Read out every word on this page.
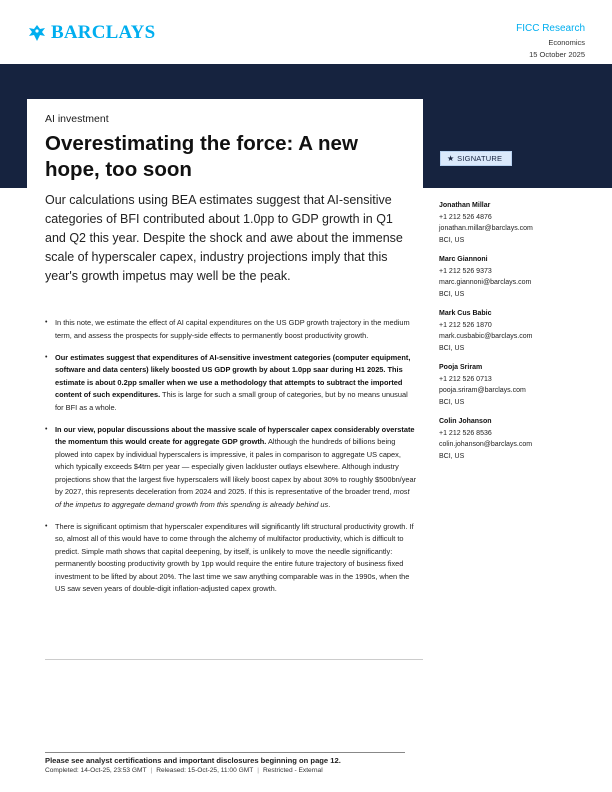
BARCLAYS	FICC Research
Economics
15 October 2025
AI investment
Overestimating the force: A new hope, too soon
Our calculations using BEA estimates suggest that AI-sensitive categories of BFI contributed about 1.0pp to GDP growth in Q1 and Q2 this year. Despite the shock and awe about the immense scale of hyperscaler capex, industry projections imply that this year's growth impetus may well be the peak.
• In this note, we estimate the effect of AI capital expenditures on the US GDP growth trajectory in the medium term, and assess the prospects for supply-side effects to permanently boost productivity growth.
• Our estimates suggest that expenditures of AI-sensitive investment categories (computer equipment, software and data centers) likely boosted US GDP growth by about 1.0pp saar during H1 2025. This estimate is about 0.2pp smaller when we use a methodology that attempts to subtract the imported content of such expenditures. This is large for such a small group of categories, but by no means unusual for BFI as a whole.
• In our view, popular discussions about the massive scale of hyperscaler capex considerably overstate the momentum this would create for aggregate GDP growth. Although the hundreds of billions being plowed into capex by individual hyperscalers is impressive, it pales in comparison to aggregate US capex, which typically exceeds $4trn per year — especially given lackluster outlays elsewhere. Although industry projections show that the largest five hyperscalers will likely boost capex by about 30% to roughly $500bn/year by 2027, this represents deceleration from 2024 and 2025. If this is representative of the broader trend, most of the impetus to aggregate demand growth from this spending is already behind us.
• There is significant optimism that hyperscaler expenditures will significantly lift structural productivity growth. If so, almost all of this would have to come through the alchemy of multifactor productivity, which is difficult to predict. Simple math shows that capital deepening, by itself, is unlikely to move the needle significantly: permanently boosting productivity growth by 1pp would require the entire future trajectory of business fixed investment to be lifted by about 20%. The last time we saw anything comparable was in the 1990s, when the US saw seven years of double-digit inflation-adjusted capex growth.
★ SIGNATURE
Jonathan Millar
+1 212 526 4876
jonathan.millar@barclays.com
BCI, US
Marc Giannoni
+1 212 526 9373
marc.giannoni@barclays.com
BCI, US
Mark Cus Babic
+1 212 526 1870
mark.cusbabic@barclays.com
BCI, US
Pooja Sriram
+1 212 526 0713
pooja.sriram@barclays.com
BCI, US
Colin Johanson
+1 212 526 8536
colin.johanson@barclays.com
BCI, US
Please see analyst certifications and important disclosures beginning on page 12.
Completed: 14-Oct-25, 23:53 GMT | Released: 15-Oct-25, 11:00 GMT | Restricted - External
